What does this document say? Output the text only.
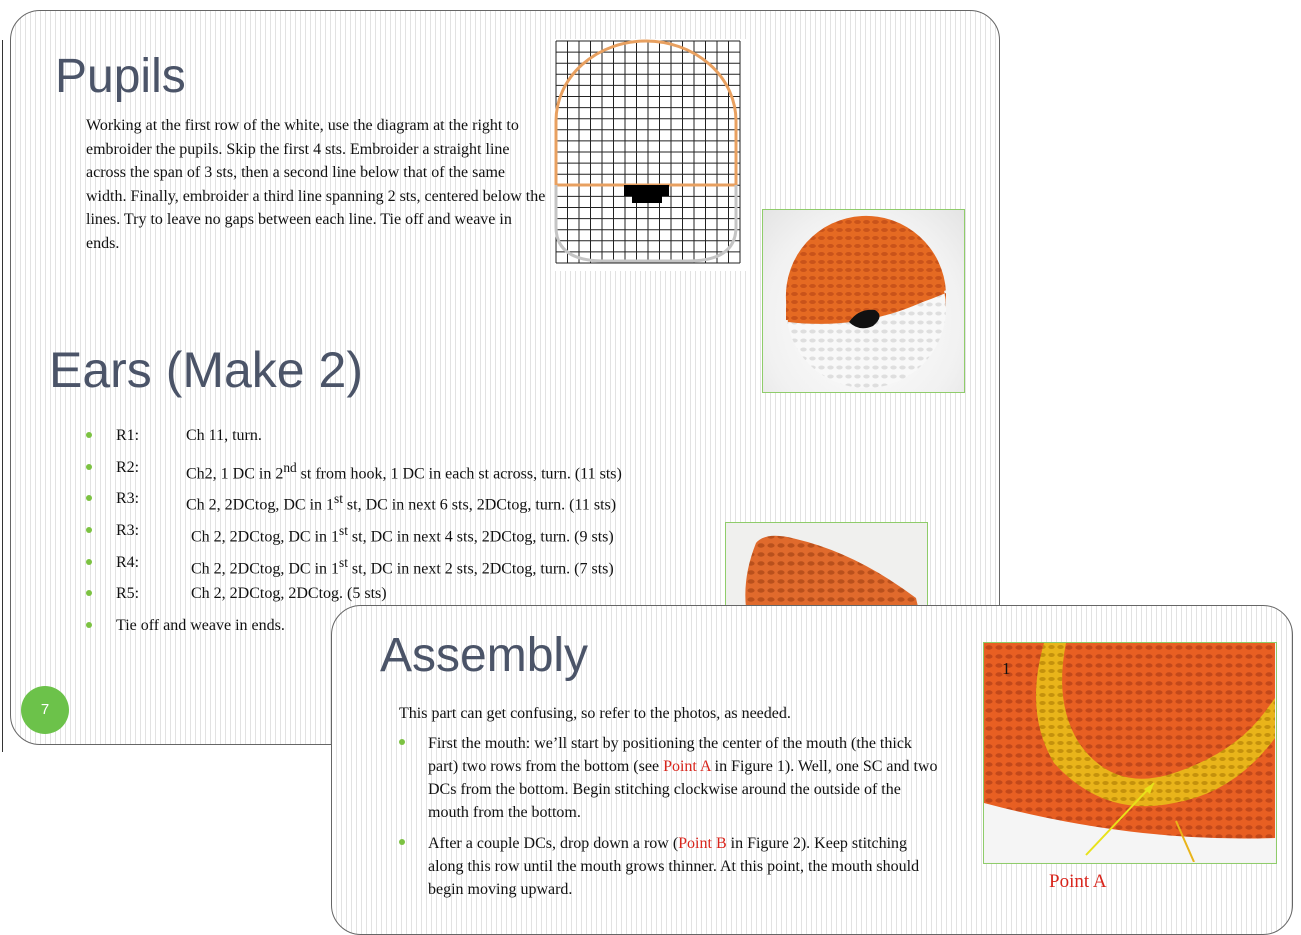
Pupils

Working at the first row of the white, use the diagram at the right to embroider the pupils. Skip the first 4 sts. Embroider a straight line across the span of 3 sts, then a second line below that of the same width. Finally, embroider a third line spanning 2 sts, centered below the lines. Try to leave no gaps between each line. Tie off and weave in ends.

Ears (Make 2)
R1:	Ch 11, turn.
R2:	Ch2, 1 DC in 2nd st from hook, 1 DC in each st across, turn. (11 sts)
R3:	Ch 2, 2DCtog, DC in 1st st, DC in next 6 sts, 2DCtog, turn. (11 sts)
R3:	Ch 2, 2DCtog, DC in 1st st, DC in next 4 sts, 2DCtog, turn. (9 sts)
R4:	Ch 2, 2DCtog, DC in 1st st, DC in next 2 sts, 2DCtog, turn. (7 sts)
R5:	Ch 2, 2DCtog, 2DCtog. (5 sts)
Tie off and weave in ends.
7
Assembly

This part can get confusing, so refer to the photos, as needed.

First the mouth: we’ll start by positioning the center of the mouth (the thick part) two rows from the bottom (see Point A in Figure 1). Well, one SC and two DCs from the bottom. Begin stitching clockwise around the outside of the mouth from the bottom.
After a couple DCs, drop down a row (Point B in Figure 2). Keep stitching along this row until the mouth grows thinner. At this point, the mouth should begin moving upward.
1
Point A
